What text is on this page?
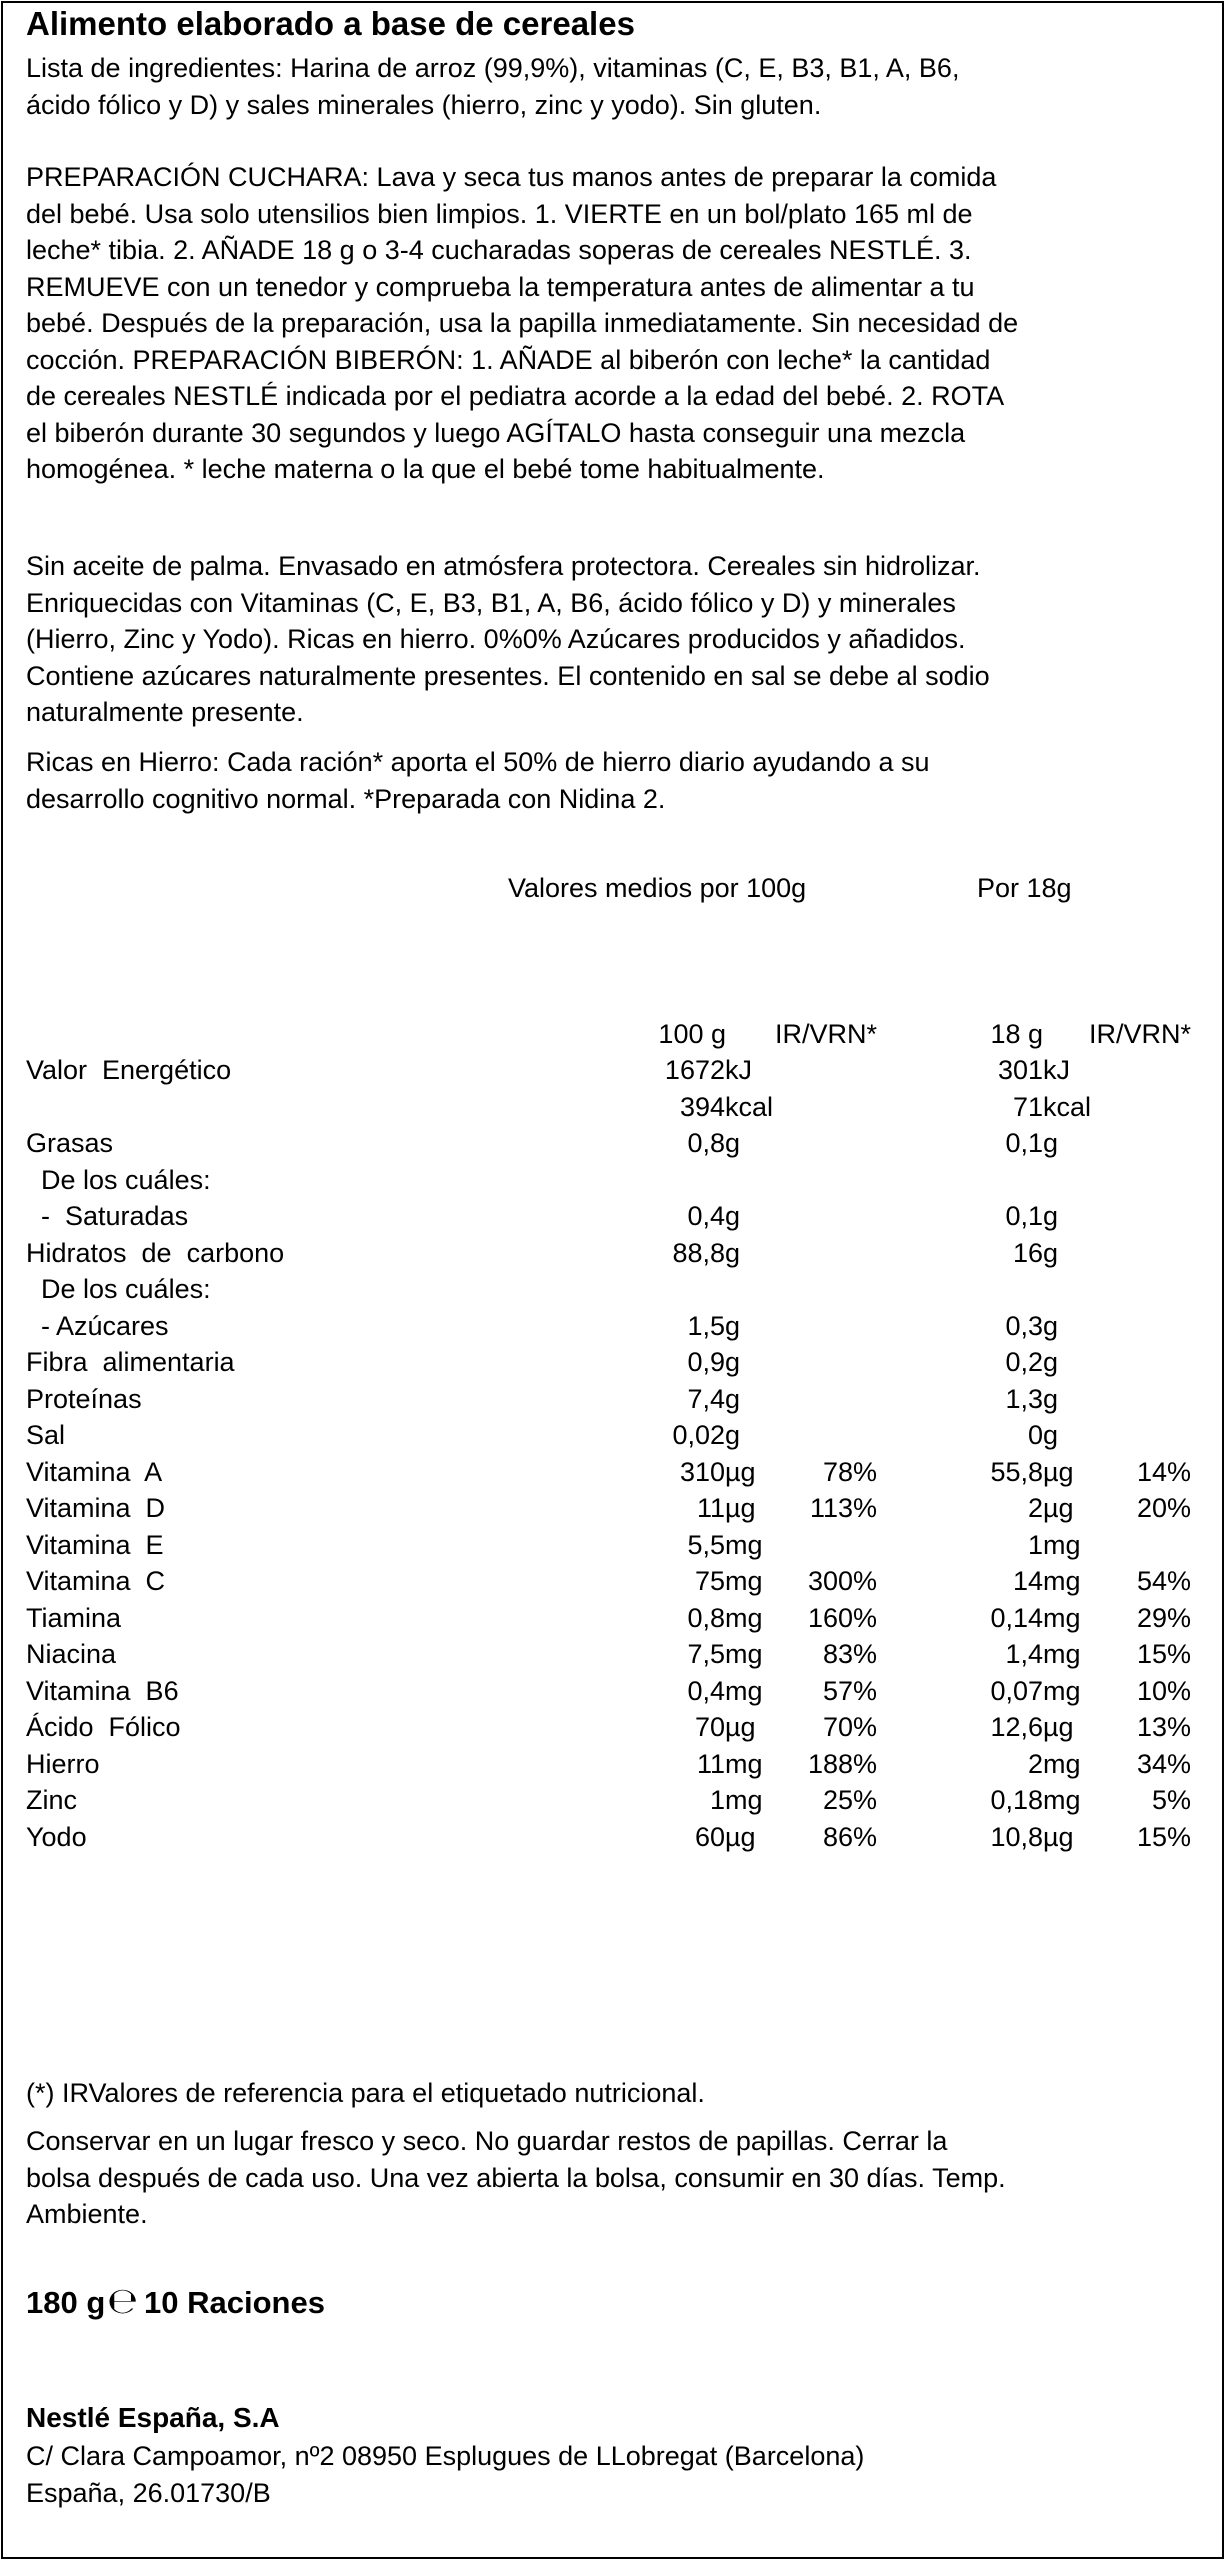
Alimento elaborado a base de cereales
Lista de ingredientes: Harina de arroz (99,9%), vitaminas (C, E, B3, B1, A, B6,
ácido fólico y D) y sales minerales (hierro, zinc y yodo). Sin gluten.
PREPARACIÓN CUCHARA: Lava y seca tus manos antes de preparar la comida
del bebé. Usa solo utensilios bien limpios. 1. VIERTE en un bol/plato 165 ml de
leche* tibia. 2. AÑADE 18 g o 3-4 cucharadas soperas de cereales NESTLÉ. 3.
REMUEVE con un tenedor y comprueba la temperatura antes de alimentar a tu
bebé. Después de la preparación, usa la papilla inmediatamente. Sin necesidad de
cocción. PREPARACIÓN BIBERÓN: 1. AÑADE al biberón con leche* la cantidad
de cereales NESTLÉ indicada por el pediatra acorde a la edad del bebé. 2. ROTA
el biberón durante 30 segundos y luego AGÍTALO hasta conseguir una mezcla
homogénea. * leche materna o la que el bebé tome habitualmente.
Sin aceite de palma. Envasado en atmósfera protectora. Cereales sin hidrolizar.
Enriquecidas con Vitaminas (C, E, B3, B1, A, B6, ácido fólico y D) y minerales
(Hierro, Zinc y Yodo). Ricas en hierro. 0%0% Azúcares producidos y añadidos.
Contiene azúcares naturalmente presentes. El contenido en sal se debe al sodio
naturalmente presente.
Ricas en Hierro: Cada ración* aporta el 50% de hierro diario ayudando a su
desarrollo cognitivo normal. *Preparada con Nidina 2.
Valores medios por 100g	Por 18g
100 g IR/VRN*	18 g IR/VRN*
Valor  Energético	1672 kJ	301 kJ
394 kcal	71 kcal
Grasas	0,8 g	0,1 g
De los cuáles:
-  Saturadas	0,4 g	0,1 g
Hidratos  de  carbono	88,8 g	16 g
De los cuáles:
- Azúcares	1,5 g	0,3 g
Fibra  alimentaria	0,9 g	0,2 g
Proteínas	7,4 g	1,3 g
Sal	0,02 g	0 g
Vitamina  A	310 µg 78%	55,8 µg 14%
Vitamina  D	11 µg 113%	2 µg 20%
Vitamina  E	5,5 mg	1 mg
Vitamina  C	75 mg 300%	14 mg 54%
Tiamina	0,8 mg 160%	0,14 mg 29%
Niacina	7,5 mg 83%	1,4 mg 15%
Vitamina  B6	0,4 mg 57%	0,07 mg 10%
Ácido  Fólico	70 µg 70%	12,6 µg 13%
Hierro	11 mg 188%	2 mg 34%
Zinc	1 mg 25%	0,18 mg	5%
Yodo	60 µg 86%	10,8 µg 15%
(*) IRValores de referencia para el etiquetado nutricional.
Conservar en un lugar fresco y seco. No guardar restos de papillas. Cerrar la
bolsa después de cada uso. Una vez abierta la bolsa, consumir en 30 días. Temp.
Ambiente.
180 g℮ 10 Raciones
Nestlé España, S.A
C/ Clara Campoamor, nº2 08950 Esplugues de LLobregat (Barcelona)
España, 26.01730/B
